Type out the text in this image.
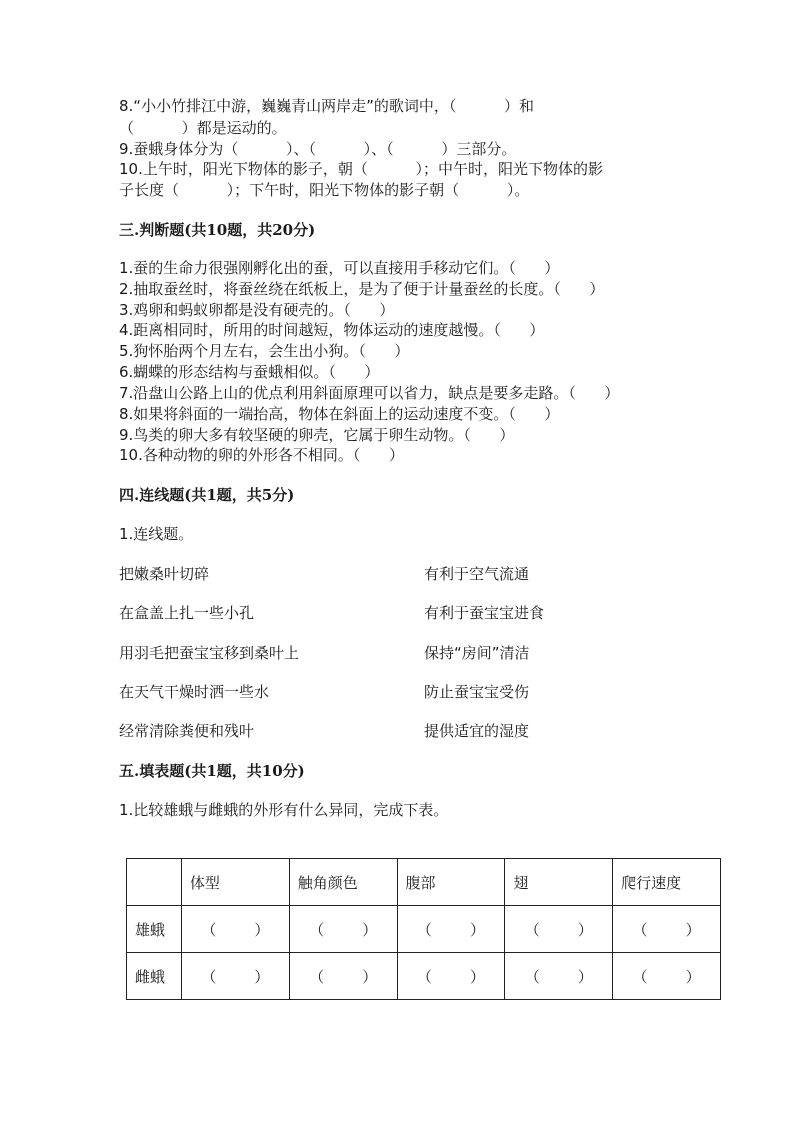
8.“小小竹排江中游，巍巍青山两岸走”的歌词中，（          ）和
（          ）都是运动的。
9.蚕蛾身体分为（          ）、（          ）、（          ）三部分。
10.上午时，阳光下物体的影子，朝（          ）；中午时，阳光下物体的影
子长度（          ）；下午时，阳光下物体的影子朝（          ）。
三.判断题(共10题，共20分)
1.蚕的生命力很强刚孵化出的蚕，可以直接用手移动它们。（      ）
2.抽取蚕丝时，将蚕丝绕在纸板上，是为了便于计量蚕丝的长度。（      ）
3.鸡卵和蚂蚁卵都是没有硬壳的。（      ）
4.距离相同时，所用的时间越短，物体运动的速度越慢。（      ）
5.狗怀胎两个月左右，会生出小狗。（      ）
6.蝴蝶的形态结构与蚕蛾相似。（      ）
7.沿盘山公路上山的优点利用斜面原理可以省力，缺点是要多走路。（      ）
8.如果将斜面的一端抬高，物体在斜面上的运动速度不变。（      ）
9.鸟类的卵大多有较坚硬的卵壳，它属于卵生动物。（      ）
10.各种动物的卵的外形各不相同。（      ）
四.连线题(共1题，共5分)
1.连线题。
把嫩桑叶切碎	有利于空气流通
在盒盖上扎一些小孔	有利于蚕宝宝进食
用羽毛把蚕宝宝移到桑叶上	保持“房间”清洁
在天气干燥时洒一些水	防止蚕宝宝受伤
经常清除粪便和残叶	提供适宜的湿度
五.填表题(共1题，共10分)
1.比较雄蛾与雌蛾的外形有什么异同，完成下表。
	体型	触角颜色	腹部	翅	爬行速度
雄蛾	（        ）	（        ）	（        ）	（        ）	（        ）
雌蛾	（        ）	（        ）	（        ）	（        ）	（        ）
